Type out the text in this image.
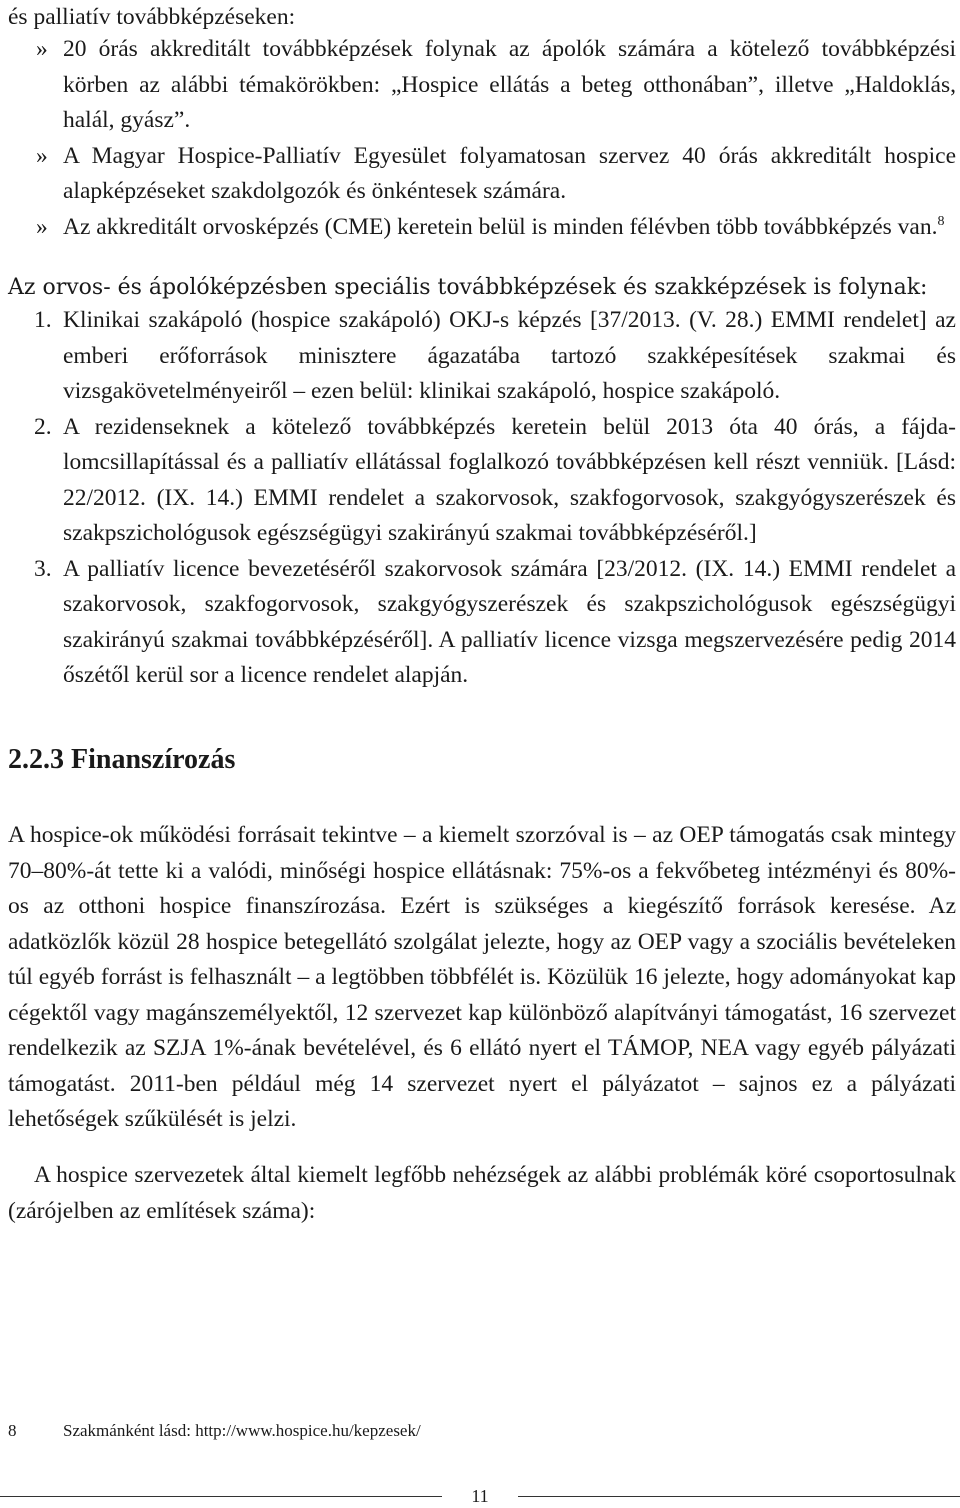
és palliatív továbbképzéseken:
» 20 órás akkreditált továbbképzések folynak az ápolók számára a kötelező továbbképzési körben az alábbi témakörökben: „Hospice ellátás a beteg otthonában”, illetve „Haldoklás, halál, gyász”.
» A Magyar Hospice-Palliatív Egyesület folyamatosan szervez 40 órás akkreditált hospice alapképzéseket szakdolgozók és önkéntesek számára.
» Az akkreditált orvosképzés (CME) keretein belül is minden félévben több továbbképzés van.$^8$
Az orvos- és ápolóképzésben speciális továbbképzések és szakképzések is folynak:
1. Klinikai szakápoló (hospice szakápoló) OKJ-s képzés [37/2013. (V. 28.) EMMI rendelet] az emberi erőforrások minisztere ágazatába tartozó szakképesítések szakmai és vizsgakövetelményeiről – ezen belül: klinikai szakápoló, hospice szakápoló.
2. A rezidenseknek a kötelező továbbképzés keretein belül 2013 óta 40 órás, a fájdalomcsillapítással és a palliatív ellátással foglalkozó továbbképzésen kell részt venniük. [Lásd: 22/2012. (IX. 14.) EMMI rendelet a szakorvosok, szakfogorvosok, szakgyógyszerészek és szakpszichológusok egészségügyi szakirányú szakmai továbbképzéséről.]
3. A palliatív licence bevezetéséről szakorvosok számára [23/2012. (IX. 14.) EMMI rendelet a szakorvosok, szakfogorvosok, szakgyógyszerészek és szakpszichológusok egészségügyi szakirányú szakmai továbbképzéséről]. A palliatív licence vizsga megszervezésére pedig 2014 őszétől kerül sor a licence rendelet alapján.
2.2.3 Finanszírozás
A hospice-ok működési forrásait tekintve – a kiemelt szorzóval is – az OEP támogatás csak mintegy 70–80%-át tette ki a valódi, minőségi hospice ellátásnak: 75%-os a fekvőbeteg intézményi és 80%-os az otthoni hospice finanszírozása. Ezért is szükséges a kiegészítő források keresése. Az adatközlők közül 28 hospice betegellátó szolgálat jelezte, hogy az OEP vagy a szociális bevételeken túl egyéb forrást is felhasznált – a legtöbben többfélét is. Közülük 16 jelezte, hogy adományokat kap cégektől vagy magánszemélyektől, 12 szervezet kap különböző alapítványi támogatást, 16 szervezet rendelkezik az SZJA 1%-ának bevételével, és 6 ellátó nyert el TÁMOP, NEA vagy egyéb pályázati támogatást. 2011-ben például még 14 szervezet nyert el pályázatot – sajnos ez a pályázati lehetőségek szűkülését is jelzi.
A hospice szervezetek által kiemelt legfőbb nehézségek az alábbi problémák köré csoportosulnak (zárójelben az említések száma):
8	Szakmánként lásd: http://www.hospice.hu/kepzesek/
11
